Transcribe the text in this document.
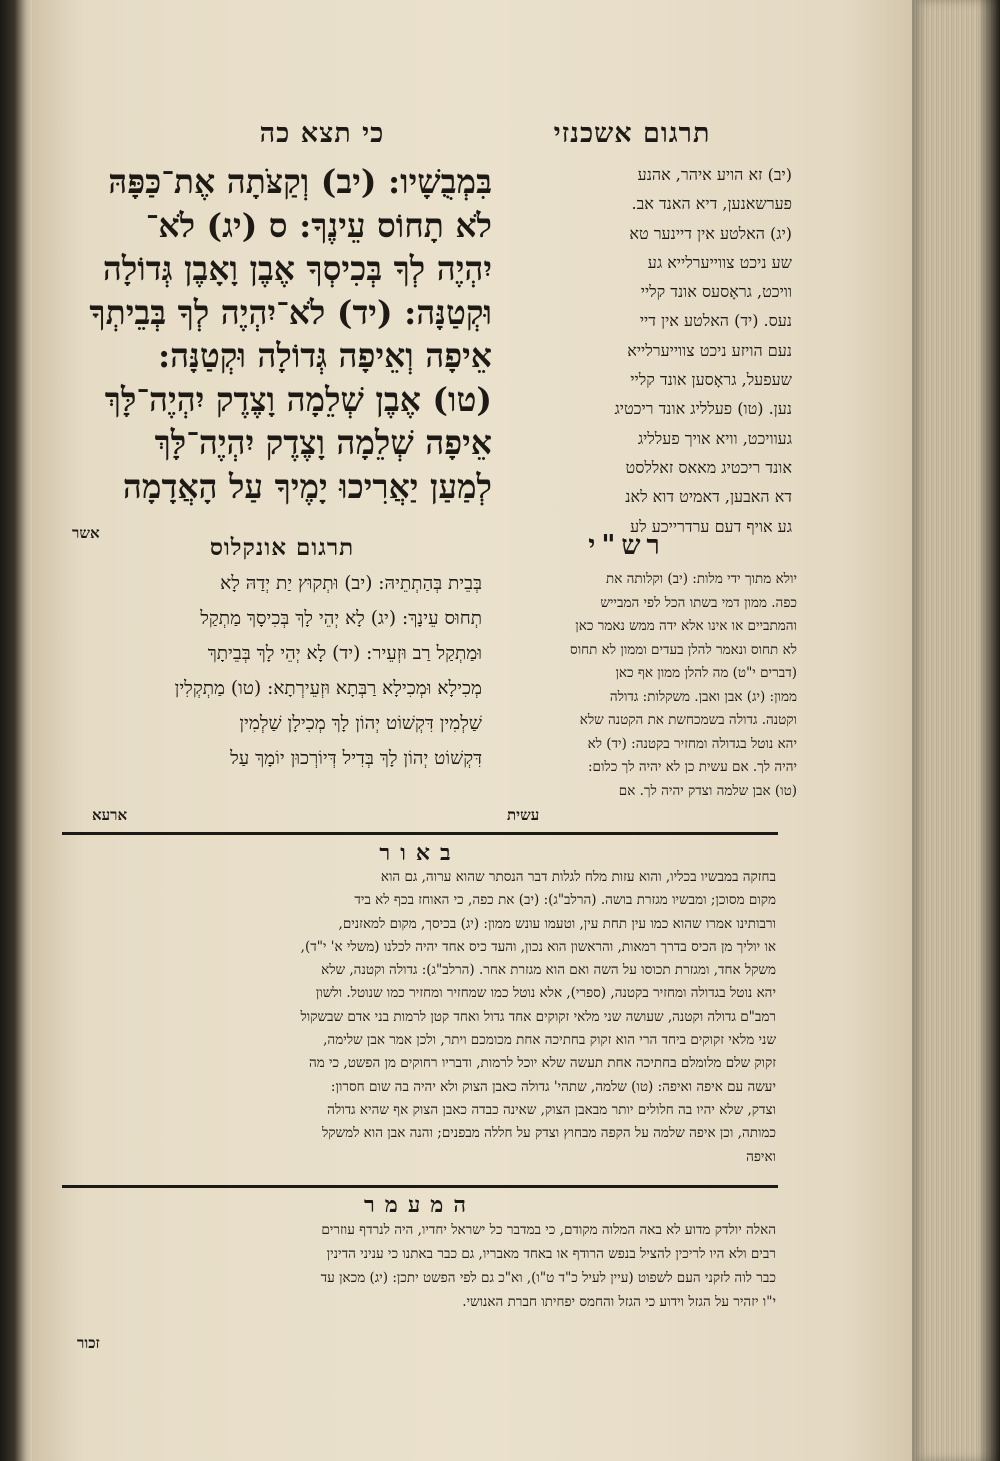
כי תצא כה	תרגום אשכנזי
בִּמְבֻשָׁיו: (יב) וְקַצֹּתָה אֶת־כַּפָּהּ
לֹא תָחוֹס עֵינֶךָ: ס (יג) לֹא־
יִהְיֶה לְךָ בְּכִיסְךָ אֶבֶן וָאָבֶן גְּדוֹלָה
וּקְטַנָּה: (יד) לֹא־יִהְיֶה לְךָ בְּבֵיתְךָ
אֵיפָה וְאֵיפָה גְּדוֹלָה וּקְטַנָּה:
(טו) אֶבֶן שְׁלֵמָה וָצֶדֶק יִהְיֶה־לָּךְ
אֵיפָה שְׁלֵמָה וָצֶדֶק יִהְיֶה־לָּךְ
לְמַעַן יַאֲרִיכוּ יָמֶיךָ עַל הָאֲדָמָה
(יב) זא הויע איהר, אהנע
פערשאנען, דיא האנד אב.
(יג) האלטע אין דיינער טא
שע ניכט צווייערלייא גע
וויכט, גראָסעס אונד קליי
נעס. (יד) האלטע אין דיי
נעם הויזע ניכט צווייערלייא
שעפעל, גראָסען אונד קליי
נען. (טו) פעלליג אונד ריכטיג
געוויכט, וויא אויך פעלליג
אונד ריכטיג מאאס זאללסט
דא האבען, דאמיט דוא לאנ
גע אויף דעם ערדרייכע לע
אשר
תרגום אונקלוס	רש"י
בְּבֵית בְּהַתְתֵיהּ: (יב) וּתְקוּץ יַת יְדַהּ לָא
תְחוּס עֵינָךְ: (יג) לָא יְהֵי לָךְ בְּכִיסָךְ מַתְקַל
וּמַתְקַל רַב וּזְעֵיר: (יד) לָא יְהֵי לָךְ בְּבֵיתָךְ
מְכִילָא וּמְכִילָא רַבְּתָא וּזְעֵירְתָא: (טו) מַתְקְלִין
שַׁלְמִין דִּקְשׁוֹט יְהוֹן לָךְ מְכִילָן שַׁלְמִין
דִּקְשׁוֹט יְהוֹן לָךְ בְּדִיל דְּיוֹרְכוּן יוֹמָךְ עַל
יולא מתוך ידי מלות: (יב) וקלותה את
כפה. ממון דמי בשתו הכל לפי המבייש
והמתביים או אינו אלא ידה ממש נאמר כאן
לא תחוס ונאמר להלן בעדים וממון לא תחוס
(דברים י"ט) מה להלן ממון אף כאן
ממון: (יג) אבן ואבן. משקלות: גדולה
וקטנה. גדולה בשמכחשת את הקטנה שלא
יהא נוטל בגדולה ומחזיר בקטנה: (יד) לא
יהיה לך. אם עשית כן לא יהיה לך כלום:
(טו) אבן שלמה וצדק יהיה לך. אם
ארעא	עשית
באור
בחזקה במבשיו בכליו, והוא עזות מלח לגלות דבר הנסתר שהוא ערוה, גם הוא
מקום מסוכן; ומבשיו מגזרת בושה. (הרלב"ג): (יב) את כפה, כי האוחז בכף לא ביד
ורבותינו אמרו שהוא כמו עין תחת עין, וטעמו עונש ממון: (יג) בכיסך, מקום למאזנים,
או יוליך מן הכיס בדרך רמאות, והראשון הוא נכון, והעד כיס אחד יהיה לכלנו (משלי א' י"ד),
משקל אחד, ומגזרת תכוסו על השה ואם הוא מגזרת אחר. (הרלב"ג): גדולה וקטנה, שלא
יהא נוטל בגדולה ומחזיר בקטנה, (ספרי), אלא נוטל כמו שמחזיר ומחזיר כמו שנוטל. ולשון
רמב"ם גדולה וקטנה, שעושה שני מלאי זקוקים אחד גדול ואחד קטן לרמות בני אדם שבשקול
שני מלאי זקוקים ביחד הרי הוא זקוק בחתיכה אחת מכומכם ויתר, ולכן אמר אבן שלימה,
זקוק שלם מלומלם בחתיכה אחת תעשה שלא יוכל לרמות, ודבריו רחוקים מן הפשט, כי מה
יעשה עם איפה ואיפה: (טו) שלמה, שתהי' גדולה כאבן הצוק ולא יהיה בה שום חסרון:
וצדק, שלא יהיו בה חלולים יותר מבאבן הצוק, שאינה כבדה כאבן הצוק אף שהיא גדולה
כמותה, וכן איפה שלמה על הקפה מבחוץ וצדק על חללה מבפנים; והנה אבן הוא למשקל
ואיפה
המעמר
האלה יולדק מדוע לא באה המלוה מקודם, כי במדבר כל ישראל יחדיו, היה לנרדף עוזרים
רבים ולא היו לריכין להציל בנפש הרודף או באחד מאבריו, גם כבר באתנו כי עניני הדינין
כבר לוה לזקני העם לשפוט (עיין לעיל כ"ד ט"ו), וא"כ גם לפי הפשט יתכן: (יג) מכאן עד
י"ו יזהיר על הגזל וידוע כי הגזל והחמס יפחיתו חברת האנושי.
זכור
